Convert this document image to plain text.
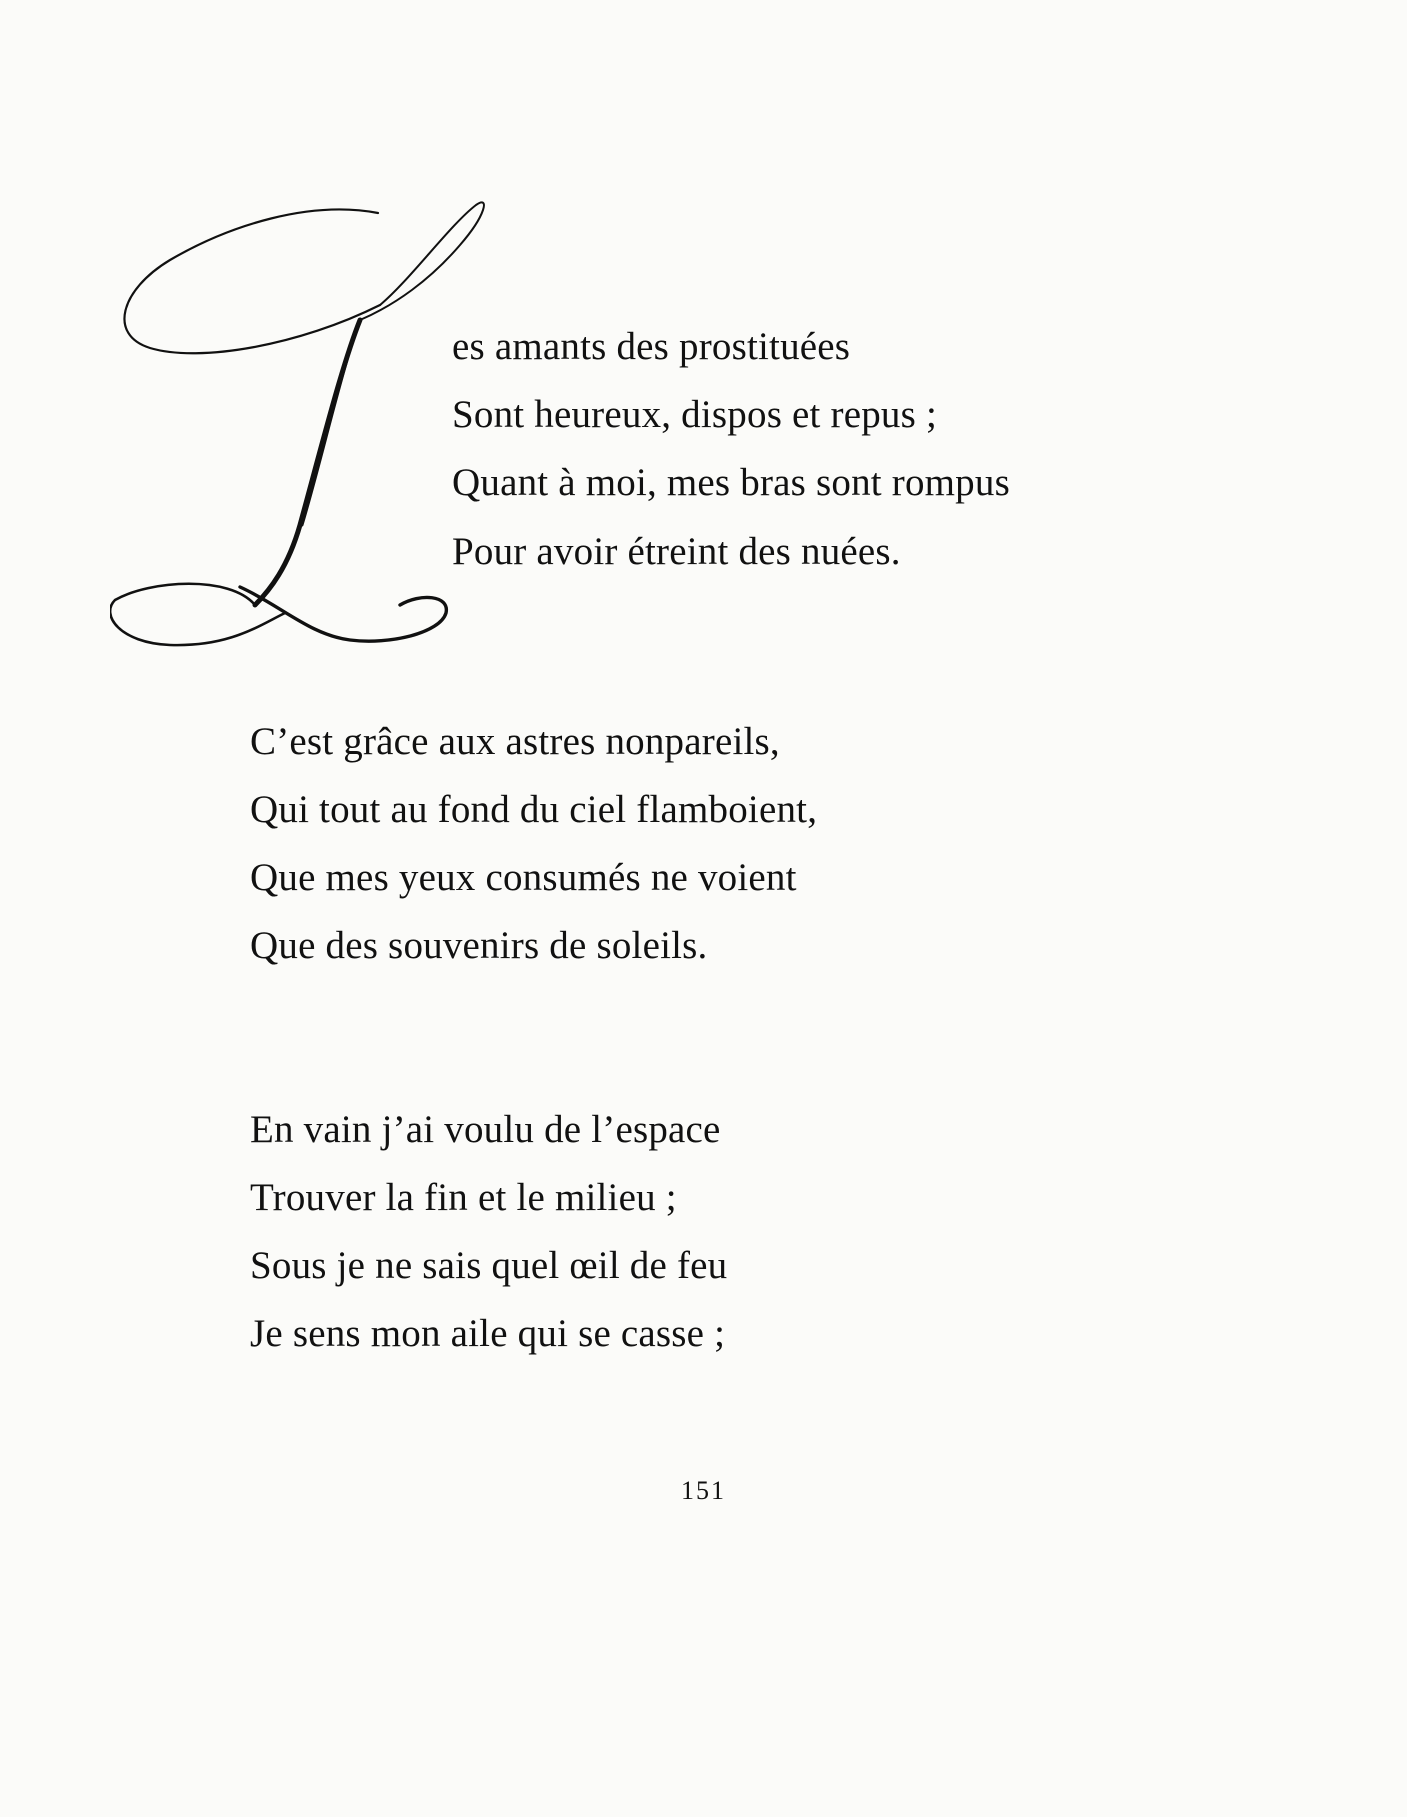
es amants des prostituées
Sont heureux, dispos et repus ;
Quant à moi, mes bras sont rompus
Pour avoir étreint des nuées.
C’est grâce aux astres nonpareils,
Qui tout au fond du ciel flamboient,
Que mes yeux consumés ne voient
Que des souvenirs de soleils.
En vain j’ai voulu de l’espace
Trouver la fin et le milieu ;
Sous je ne sais quel œil de feu
Je sens mon aile qui se casse ;
151
